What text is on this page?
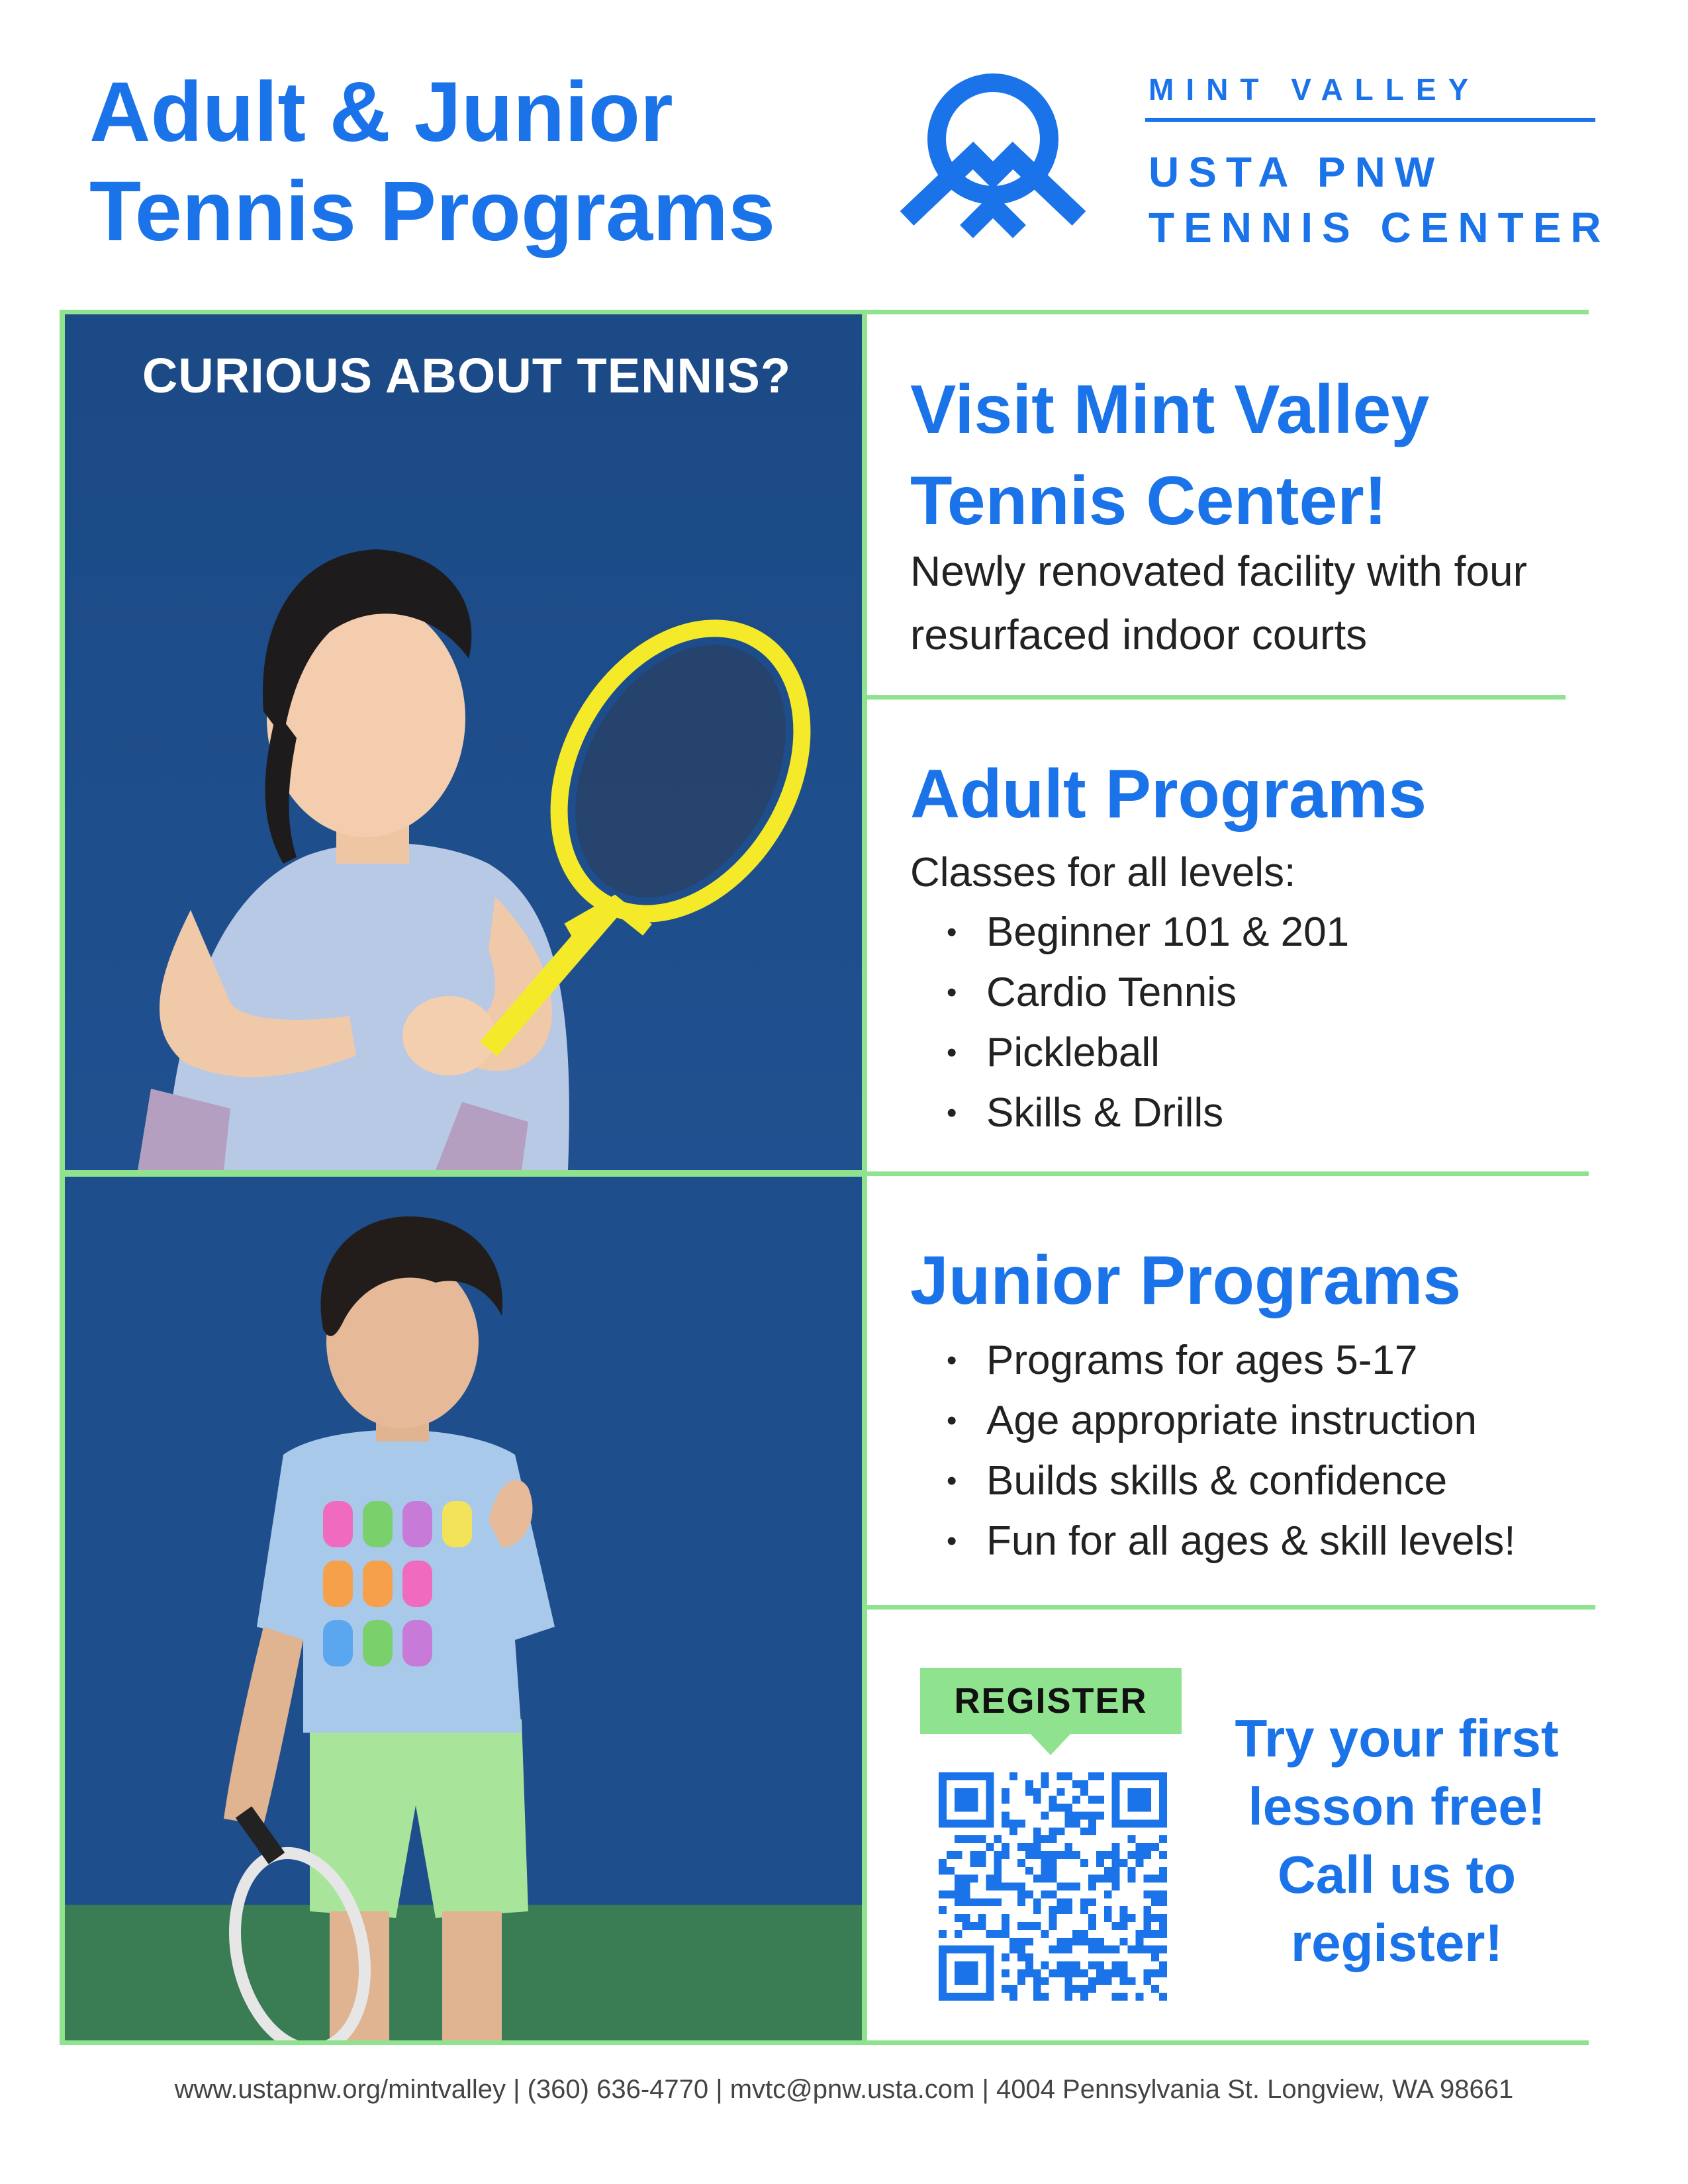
Adult & Junior Tennis Programs
MINT VALLEY
USTA PNW
TENNIS CENTER
CURIOUS ABOUT TENNIS?	Visit Mint Valley Tennis Center!
Newly renovated facility with four resurfaced indoor courts
Adult Programs
Classes for all levels:
• Beginner 101 & 201
• Cardio Tennis
• Pickleball
• Skills & Drills
Junior Programs
• Programs for ages 5-17
• Age appropriate instruction
• Builds skills & confidence
• Fun for all ages & skill levels!
REGISTER
Try your first lesson free! Call us to register!
www.ustapnw.org/mintvalley | (360) 636-4770 | mvtc@pnw.usta.com | 4004 Pennsylvania St. Longview, WA 98661
